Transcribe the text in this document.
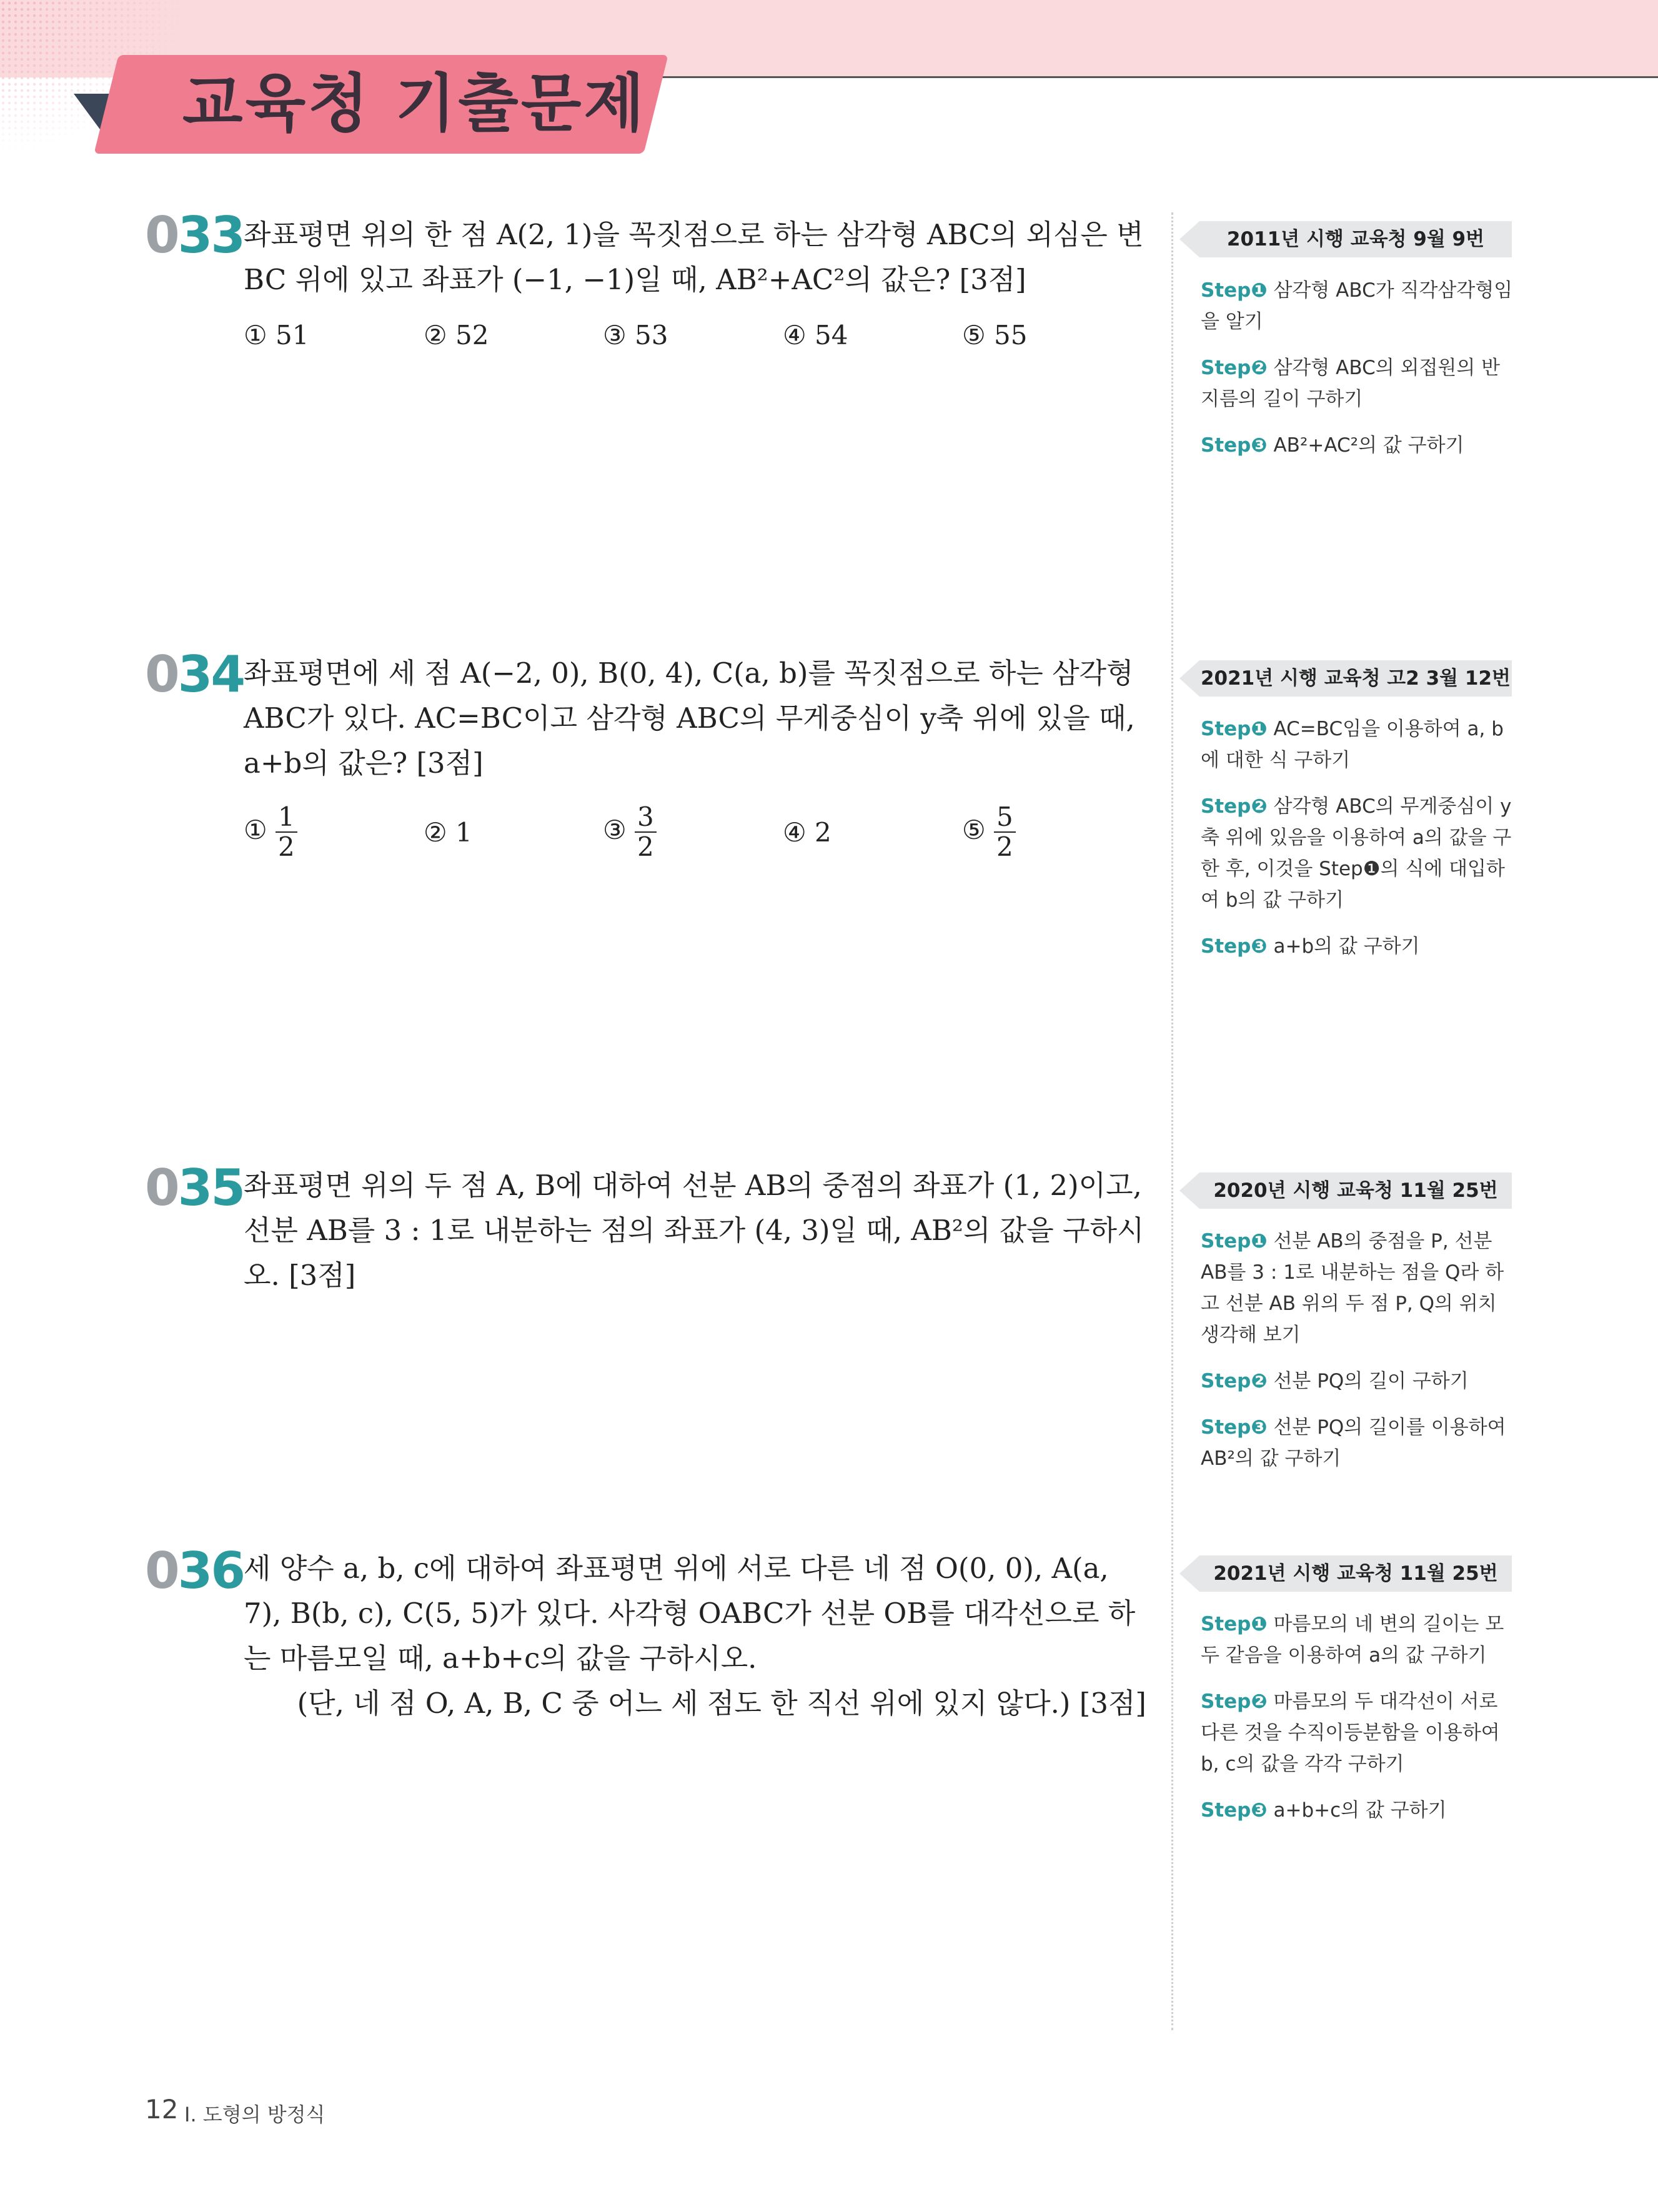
교육청 기출문제
033 좌표평면 위의 한 점 A(2, 1)을 꼭짓점으로 하는 삼각형 ABC의 외심은 변 BC 위에 있고 좌표가 (−1, −1)일 때, AB²+AC²의 값은? [3점]
① 51	② 52	③ 53	④ 54	⑤ 55
2011년 시행 교육청 9월 9번
Step❶ 삼각형 ABC가 직각삼각형임을 알기
Step❷ 삼각형 ABC의 외접원의 반지름의 길이 구하기
Step❸ AB²+AC²의 값 구하기
034 좌표평면에 세 점 A(−2, 0), B(0, 4), C(a, b)를 꼭짓점으로 하는 삼각형 ABC가 있다. AC=BC이고 삼각형 ABC의 무게중심이 y축 위에 있을 때, a+b의 값은? [3점]
① $\frac{1}{2}$	② 1	③ $\frac{3}{2}$	④ 2	⑤ $\frac{5}{2}$
2021년 시행 교육청 고2 3월 12번
Step❶ AC=BC임을 이용하여 a, b에 대한 식 구하기
Step❷ 삼각형 ABC의 무게중심이 y축 위에 있음을 이용하여 a의 값을 구한 후, 이것을 Step❶의 식에 대입하여 b의 값 구하기
Step❸ a+b의 값 구하기
035 좌표평면 위의 두 점 A, B에 대하여 선분 AB의 중점의 좌표가 (1, 2)이고, 선분 AB를 3 : 1로 내분하는 점의 좌표가 (4, 3)일 때, AB²의 값을 구하시오. [3점]
2020년 시행 교육청 11월 25번
Step❶ 선분 AB의 중점을 P, 선분 AB를 3 : 1로 내분하는 점을 Q라 하고 선분 AB 위의 두 점 P, Q의 위치 생각해 보기
Step❷ 선분 PQ의 길이 구하기
Step❸ 선분 PQ의 길이를 이용하여 AB²의 값 구하기
036 세 양수 a, b, c에 대하여 좌표평면 위에 서로 다른 네 점 O(0, 0), A(a, 7), B(b, c), C(5, 5)가 있다. 사각형 OABC가 선분 OB를 대각선으로 하는 마름모일 때, a+b+c의 값을 구하시오.
(단, 네 점 O, A, B, C 중 어느 세 점도 한 직선 위에 있지 않다.) [3점]
2021년 시행 교육청 11월 25번
Step❶ 마름모의 네 변의 길이는 모두 같음을 이용하여 a의 값 구하기
Step❷ 마름모의 두 대각선이 서로 다른 것을 수직이등분함을 이용하여 b, c의 값을 각각 구하기
Step❸ a+b+c의 값 구하기
12 I. 도형의 방정식
